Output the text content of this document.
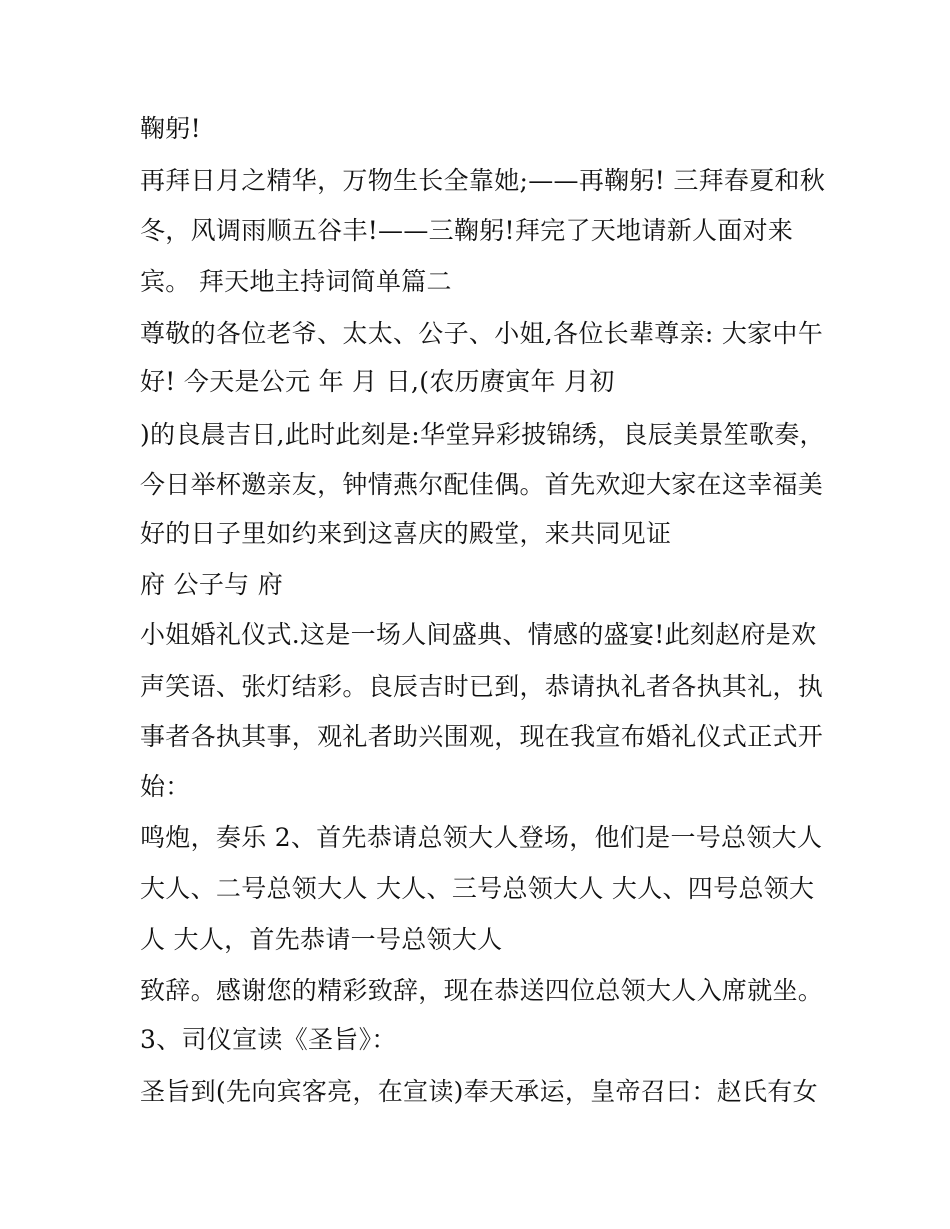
鞠躬!
再拜日月之精华，万物生长全靠她;——再鞠躬! 三拜春夏和秋
冬，风调雨顺五谷丰!——三鞠躬!拜完了天地请新人面对来
宾。 拜天地主持词简单篇二
尊敬的各位老爷、太太、公子、小姐,各位长辈尊亲: 大家中午
好! 今天是公元 年 月 日,(农历赓寅年 月初
)的良晨吉日,此时此刻是:华堂异彩披锦绣，良辰美景笙歌奏，
今日举杯邀亲友，钟情燕尔配佳偶。首先欢迎大家在这幸福美
好的日子里如约来到这喜庆的殿堂，来共同见证
府 公子与 府
小姐婚礼仪式.这是一场人间盛典、情感的盛宴!此刻赵府是欢
声笑语、张灯结彩。良辰吉时已到，恭请执礼者各执其礼，执
事者各执其事，观礼者助兴围观，现在我宣布婚礼仪式正式开
始：
鸣炮，奏乐 2、首先恭请总领大人登场，他们是一号总领大人
大人、二号总领大人 大人、三号总领大人 大人、四号总领大
人 大人，首先恭请一号总领大人
致辞。感谢您的精彩致辞，现在恭送四位总领大人入席就坐。
3、司仪宣读《圣旨》：
圣旨到(先向宾客亮，在宣读)奉天承运，皇帝召曰：赵氏有女
